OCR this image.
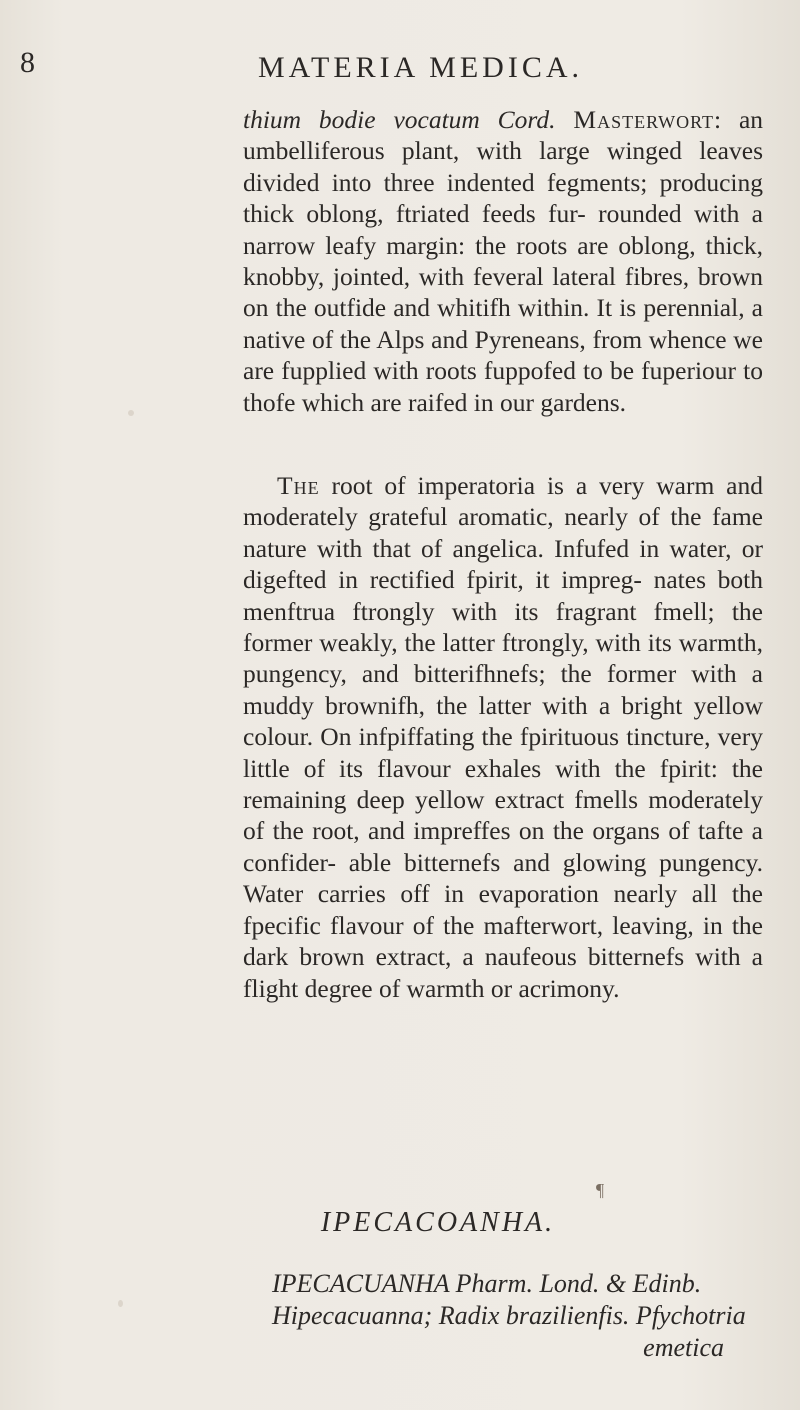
8	MATERIA MEDICA.
thium bodie vocatum Cord. Masterwort: an umbelliferous plant, with large winged leaves divided into three indented fegments; producing thick oblong, ftriated feeds fur- rounded with a narrow leafy margin: the roots are oblong, thick, knobby, jointed, with feveral lateral fibres, brown on the outfide and whitifh within. It is perennial, a native of the Alps and Pyreneans, from whence we are fupplied with roots fuppofed to be fuperiour to thofe which are raifed in our gardens.
The root of imperatoria is a very warm and moderately grateful aromatic, nearly of the fame nature with that of angelica. Infufed in water, or digefted in rectified fpirit, it impreg- nates both menftrua ftrongly with its fragrant fmell; the former weakly, the latter ftrongly, with its warmth, pungency, and bitterifhnefs; the former with a muddy brownifh, the latter with a bright yellow colour. On infpiffating the fpirituous tincture, very little of its flavour exhales with the fpirit: the remaining deep yellow extract fmells moderately of the root, and impreffes on the organs of tafte a confider- able bitternefs and glowing pungency. Water carries off in evaporation nearly all the fpecific flavour of the mafterwort, leaving, in the dark brown extract, a naufeous bitternefs with a flight degree of warmth or acrimony.
¶
IPECACOANHA.
IPECACUANHA Pharm. Lond. & Edinb.
Hipecacuanna; Radix brazilienfis. Pfychotria
emetica
